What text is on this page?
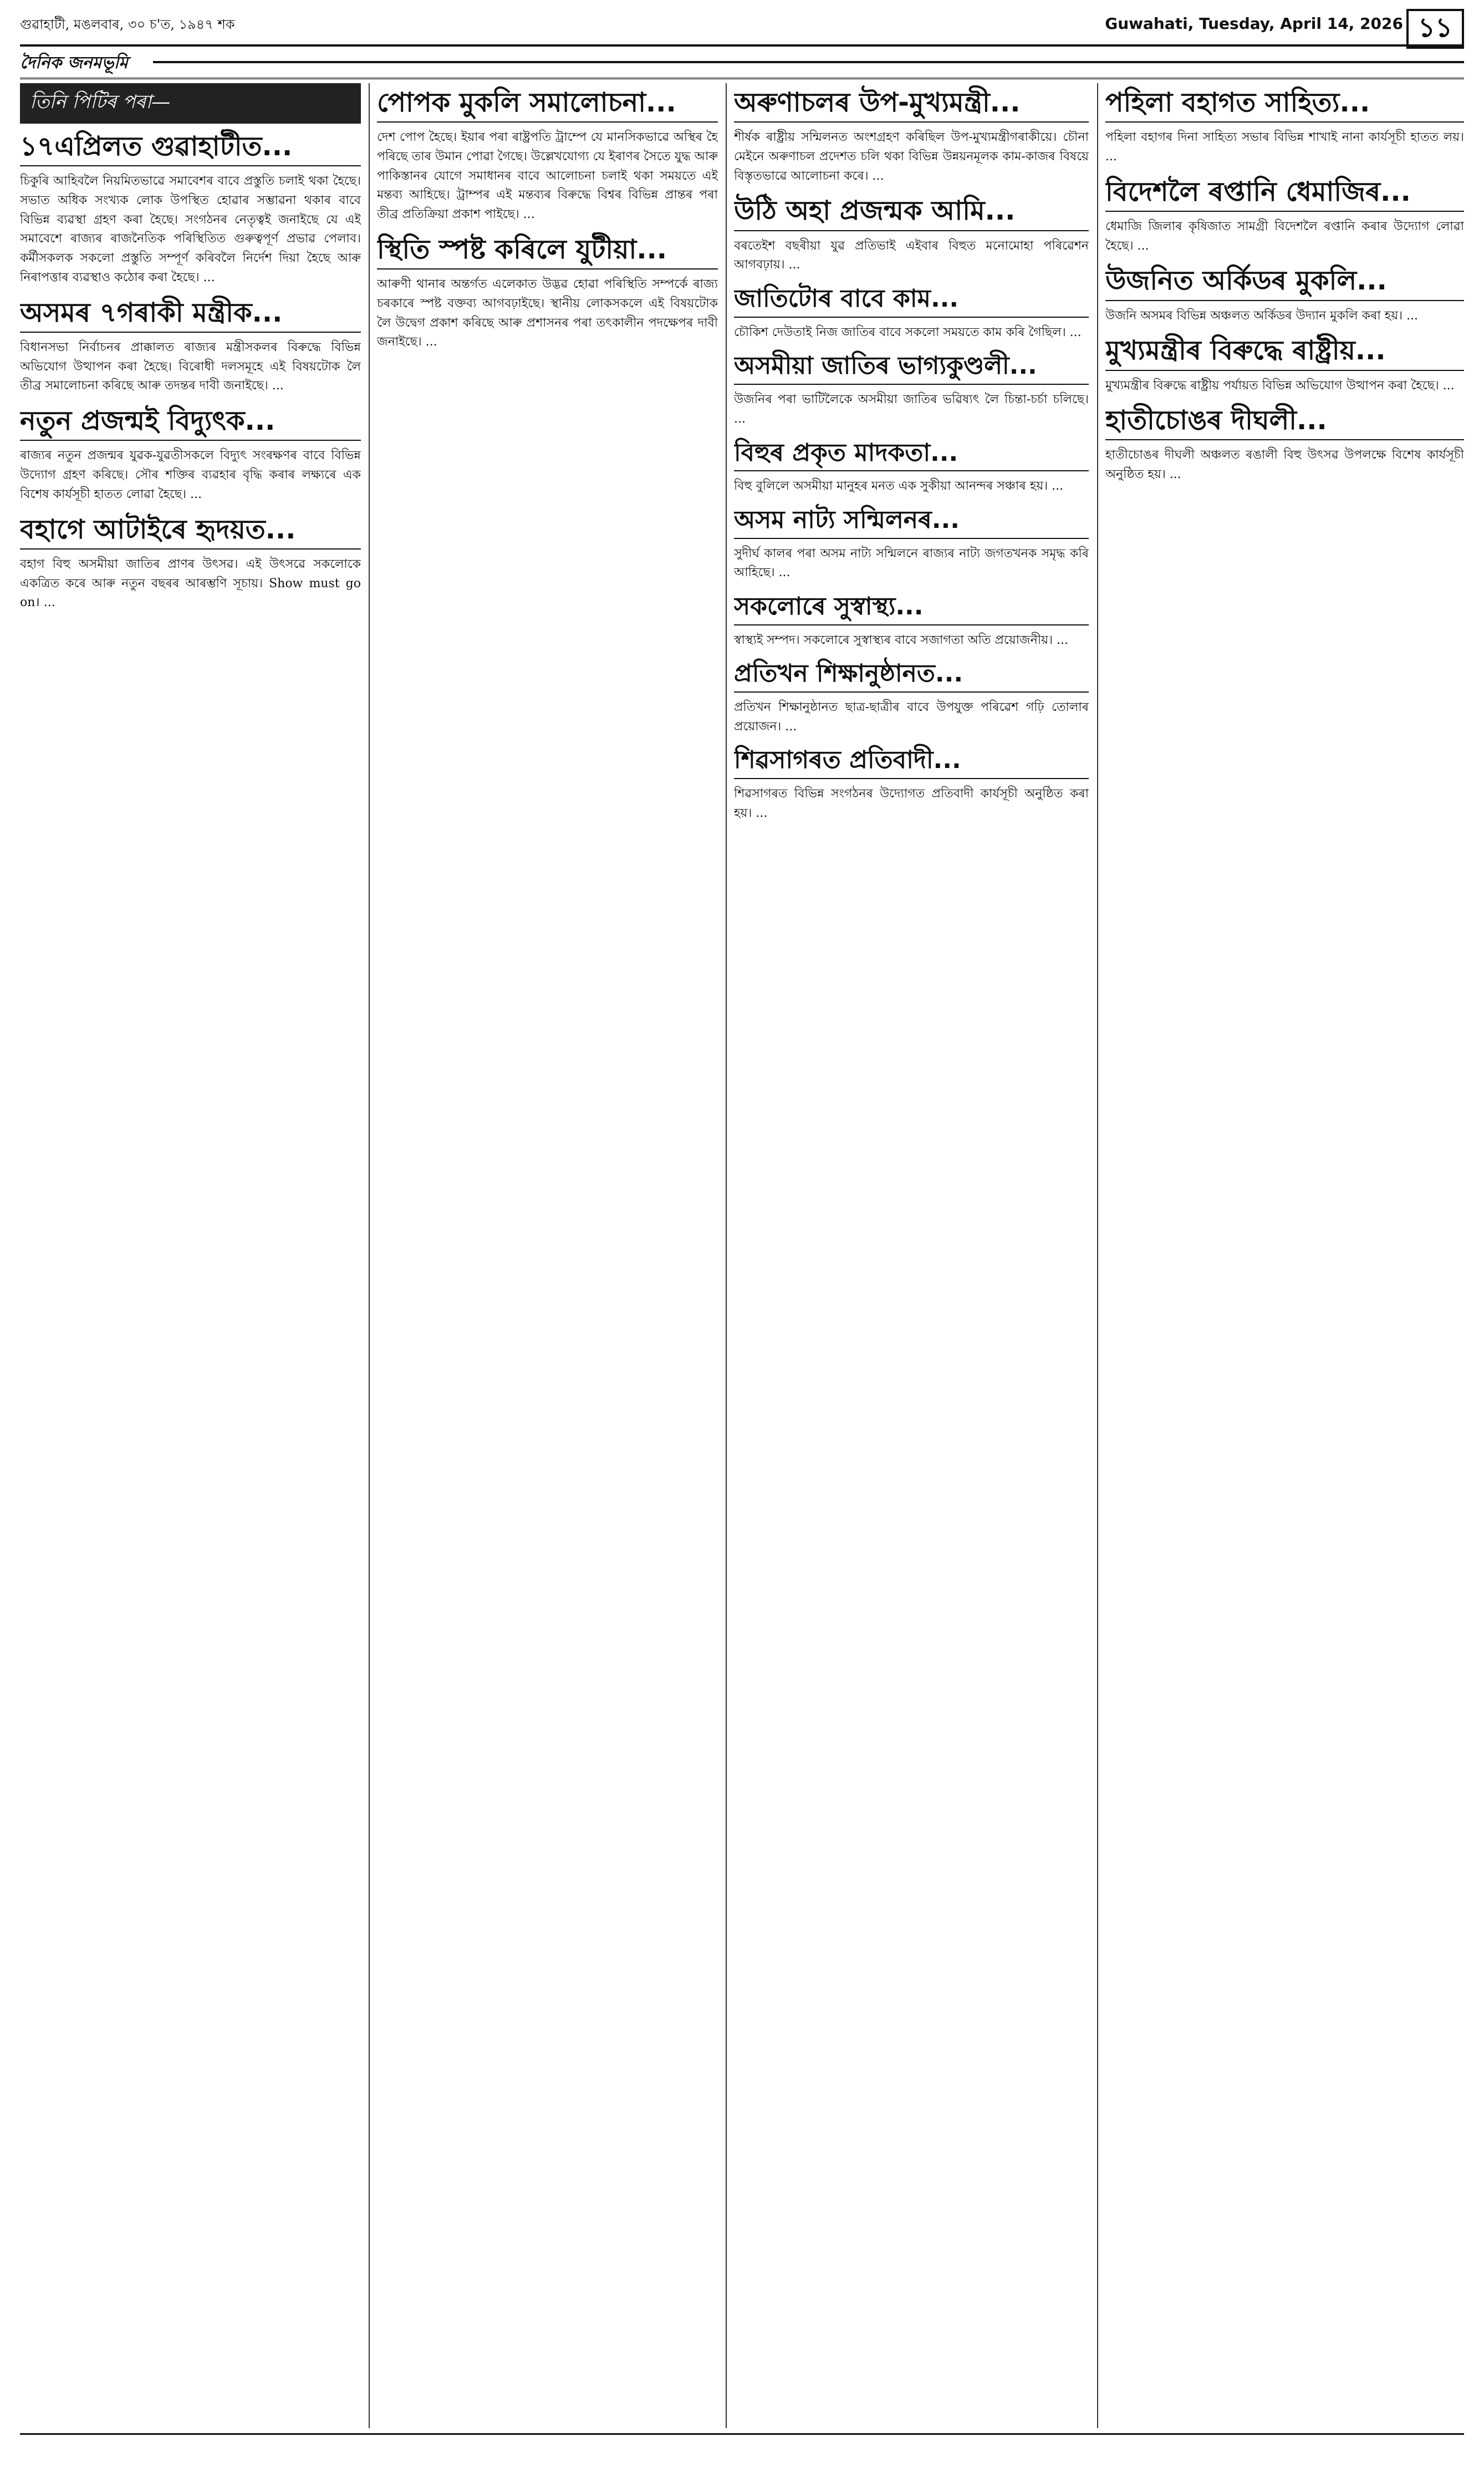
গুৱাহাটী, মঙলবাৰ, ৩০ চ'ত, ১৯৪৭ শক	Guwahati, Tuesday, April 14, 2026 ১১
দৈনিক জনমভূমি
তিনি পিটিৰ পৰা—
১৭এপ্ৰিলত গুৱাহাটীত...
চিকুৰি আহিবলৈ নিয়মিতভাৱে সমাবেশৰ বাবে প্ৰস্তুতি চলাই থকা হৈছে। সভাত অধিক সংখ্যক লোক উপস্থিত হোৱাৰ সম্ভাৱনা থকাৰ বাবে বিভিন্ন ব্যৱস্থা গ্ৰহণ কৰা হৈছে। সংগঠনৰ নেতৃত্বই জনাইছে যে এই সমাবেশে ৰাজ্যৰ ৰাজনৈতিক পৰিস্থিতিত গুৰুত্বপূৰ্ণ প্ৰভাৱ পেলাব। কৰ্মীসকলক সকলো প্ৰস্তুতি সম্পূৰ্ণ কৰিবলৈ নিৰ্দেশ দিয়া হৈছে আৰু নিৰাপত্তাৰ ব্যৱস্থাও কঠোৰ কৰা হৈছে। ...
অসমৰ ৭গৰাকী মন্ত্ৰীক...
বিধানসভা নিৰ্বাচনৰ প্ৰাক্কালত ৰাজ্যৰ মন্ত্ৰীসকলৰ বিৰুদ্ধে বিভিন্ন অভিযোগ উত্থাপন কৰা হৈছে। বিৰোধী দলসমূহে এই বিষয়টোক লৈ তীব্ৰ সমালোচনা কৰিছে আৰু তদন্তৰ দাবী জনাইছে। ...
নতুন প্ৰজন্মই বিদ্যুৎক...
ৰাজ্যৰ নতুন প্ৰজন্মৰ যুৱক-যুৱতীসকলে বিদ্যুৎ সংৰক্ষণৰ বাবে বিভিন্ন উদ্যোগ গ্ৰহণ কৰিছে। সৌৰ শক্তিৰ ব্যৱহাৰ বৃদ্ধি কৰাৰ লক্ষ্যৰে এক বিশেষ কাৰ্যসূচী হাতত লোৱা হৈছে। ...
বহাগে আটাইৰে হৃদয়ত...
বহাগ বিহু অসমীয়া জাতিৰ প্ৰাণৰ উৎসৱ। এই উৎসৱে সকলোকে একত্ৰিত কৰে আৰু নতুন বছৰৰ আৰম্ভণি সূচায়। Show must go on। ...
পোপক মুকলি সমালোচনা...
দেশ পোপ হৈছে। ইয়াৰ পৰা ৰাষ্ট্ৰপতি ট্ৰাম্পে যে মানসিকভাৱে অস্থিৰ হৈ পৰিছে তাৰ উমান পোৱা গৈছে। উল্লেখযোগ্য যে ইৰাণৰ সৈতে যুদ্ধ আৰু পাকিস্তানৰ যোগে সমাধানৰ বাবে আলোচনা চলাই থকা সময়তে এই মন্তব্য আহিছে। ট্ৰাম্পৰ এই মন্তব্যৰ বিৰুদ্ধে বিশ্বৰ বিভিন্ন প্ৰান্তৰ পৰা তীব্ৰ প্ৰতিক্ৰিয়া প্ৰকাশ পাইছে। ...
স্থিতি স্পষ্ট কৰিলে যুটীয়া...
আৰুণী থানাৰ অন্তৰ্গত এলেকাত উদ্ভৱ হোৱা পৰিস্থিতি সম্পৰ্কে ৰাজ্য চৰকাৰে স্পষ্ট বক্তব্য আগবঢ়াইছে। স্থানীয় লোকসকলে এই বিষয়টোক লৈ উদ্বেগ প্ৰকাশ কৰিছে আৰু প্ৰশাসনৰ পৰা তৎকালীন পদক্ষেপৰ দাবী জনাইছে। ...
অৰুণাচলৰ উপ-মুখ্যমন্ত্ৰী...
শীৰ্ষক ৰাষ্ট্ৰীয় সন্মিলনত অংশগ্ৰহণ কৰিছিল উপ-মুখ্যমন্ত্ৰীগৰাকীয়ে। চৌনা মেইনে অৰুণাচল প্ৰদেশত চলি থকা বিভিন্ন উন্নয়নমূলক কাম-কাজৰ বিষয়ে বিস্তৃতভাৱে আলোচনা কৰে। ...
উঠি অহা প্ৰজন্মক আমি...
বৰতেইশ বছৰীয়া যুৱ প্ৰতিভাই এইবাৰ বিহুত মনোমোহা পৰিৱেশন আগবঢ়ায়। ...
জাতিটোৰ বাবে কাম...
চৌকিশ দেউতাই নিজ জাতিৰ বাবে সকলো সময়তে কাম কৰি গৈছিল। ...
অসমীয়া জাতিৰ ভাগ্যকুণ্ডলী...
উজনিৰ পৰা ভাটিলৈকে অসমীয়া জাতিৰ ভৱিষ্যৎ লৈ চিন্তা-চৰ্চা চলিছে। ...
বিহুৰ প্ৰকৃত মাদকতা...
বিহু বুলিলে অসমীয়া মানুহৰ মনত এক সুকীয়া আনন্দৰ সঞ্চাৰ হয়। ...
অসম নাট্য সন্মিলনৰ...
সুদীৰ্ঘ কালৰ পৰা অসম নাট্য সন্মিলনে ৰাজ্যৰ নাট্য জগতখনক সমৃদ্ধ কৰি আহিছে। ...
সকলোৰে সুস্বাস্থ্য...
স্বাস্থ্যই সম্পদ। সকলোৰে সুস্বাস্থ্যৰ বাবে সজাগতা অতি প্ৰয়োজনীয়। ...
প্ৰতিখন শিক্ষানুষ্ঠানত...
প্ৰতিখন শিক্ষানুষ্ঠানত ছাত্ৰ-ছাত্ৰীৰ বাবে উপযুক্ত পৰিৱেশ গঢ়ি তোলাৰ প্ৰয়োজন। ...
শিৱসাগৰত প্ৰতিবাদী...
শিৱসাগৰত বিভিন্ন সংগঠনৰ উদ্যোগত প্ৰতিবাদী কাৰ্যসূচী অনুষ্ঠিত কৰা হয়। ...
পহিলা বহাগত সাহিত্য...
পহিলা বহাগৰ দিনা সাহিত্য সভাৰ বিভিন্ন শাখাই নানা কাৰ্যসূচী হাতত লয়। ...
বিদেশলৈ ৰপ্তানি ধেমাজিৰ...
ধেমাজি জিলাৰ কৃষিজাত সামগ্ৰী বিদেশলৈ ৰপ্তানি কৰাৰ উদ্যোগ লোৱা হৈছে। ...
উজনিত অৰ্কিডৰ মুকলি...
উজনি অসমৰ বিভিন্ন অঞ্চলত অৰ্কিডৰ উদ্যান মুকলি কৰা হয়। ...
মুখ্যমন্ত্ৰীৰ বিৰুদ্ধে ৰাষ্ট্ৰীয়...
মুখ্যমন্ত্ৰীৰ বিৰুদ্ধে ৰাষ্ট্ৰীয় পৰ্যায়ত বিভিন্ন অভিযোগ উত্থাপন কৰা হৈছে। ...
হাতীচোঙৰ দীঘলী...
হাতীচোঙৰ দীঘলী অঞ্চলত ৰঙালী বিহু উৎসৱ উপলক্ষে বিশেষ কাৰ্যসূচী অনুষ্ঠিত হয়। ...
